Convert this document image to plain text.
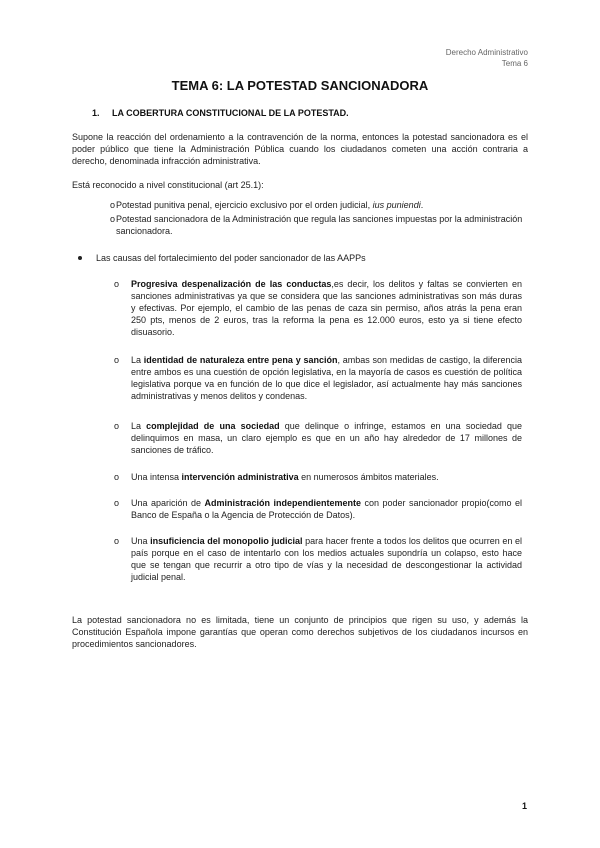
Derecho Administrativo
Tema 6
TEMA 6: LA POTESTAD SANCIONADORA
1. LA COBERTURA CONSTITUCIONAL DE LA POTESTAD.
Supone la reacción del ordenamiento a la contravención de la norma, entonces la potestad sancionadora es el poder público que tiene la Administración Pública cuando los ciudadanos cometen una acción contraria a derecho, denominada infracción administrativa.
Está reconocido a nivel constitucional (art 25.1):
o Potestad punitiva penal, ejercicio exclusivo por el orden judicial, ius puniendi.
o Potestad sancionadora de la Administración que regula las sanciones impuestas por la administración sancionadora.
Las causas del fortalecimiento del poder sancionador de las AAPPs
o Progresiva despenalización de las conductas,es decir, los delitos y faltas se convierten en sanciones administrativas ya que se considera que las sanciones administrativas son más duras y efectivas. Por ejemplo, el cambio de las penas de caza sin permiso, años atrás la pena eran 250 pts, menos de 2 euros, tras la reforma la pena es 12.000 euros, esto ya si tiene efecto disuasorio.
o La identidad de naturaleza entre pena y sanción, ambas son medidas de castigo, la diferencia entre ambos es una cuestión de opción legislativa, en la mayoría de casos es cuestión de política legislativa porque va en función de lo que dice el legislador, así actualmente hay más sanciones administrativas y menos delitos y condenas.
o La complejidad de una sociedad que delinque o infringe, estamos en una sociedad que delinquimos en masa, un claro ejemplo es que en un año hay alrededor de 17 millones de sanciones de tráfico.
o Una intensa intervención administrativa en numerosos ámbitos materiales.
o Una aparición de Administración independientemente con poder sancionador propio(como el Banco de España o la Agencia de Protección de Datos).
o Una insuficiencia del monopolio judicial para hacer frente a todos los delitos que ocurren en el país porque en el caso de intentarlo con los medios actuales supondría un colapso, esto hace que se tengan que recurrir a otro tipo de vías y la necesidad de descongestionar la actividad judicial penal.
La potestad sancionadora no es limitada, tiene un conjunto de principios que rigen su uso, y además la Constitución Española impone garantías que operan como derechos subjetivos de los ciudadanos incursos en procedimientos sancionadores.
1
